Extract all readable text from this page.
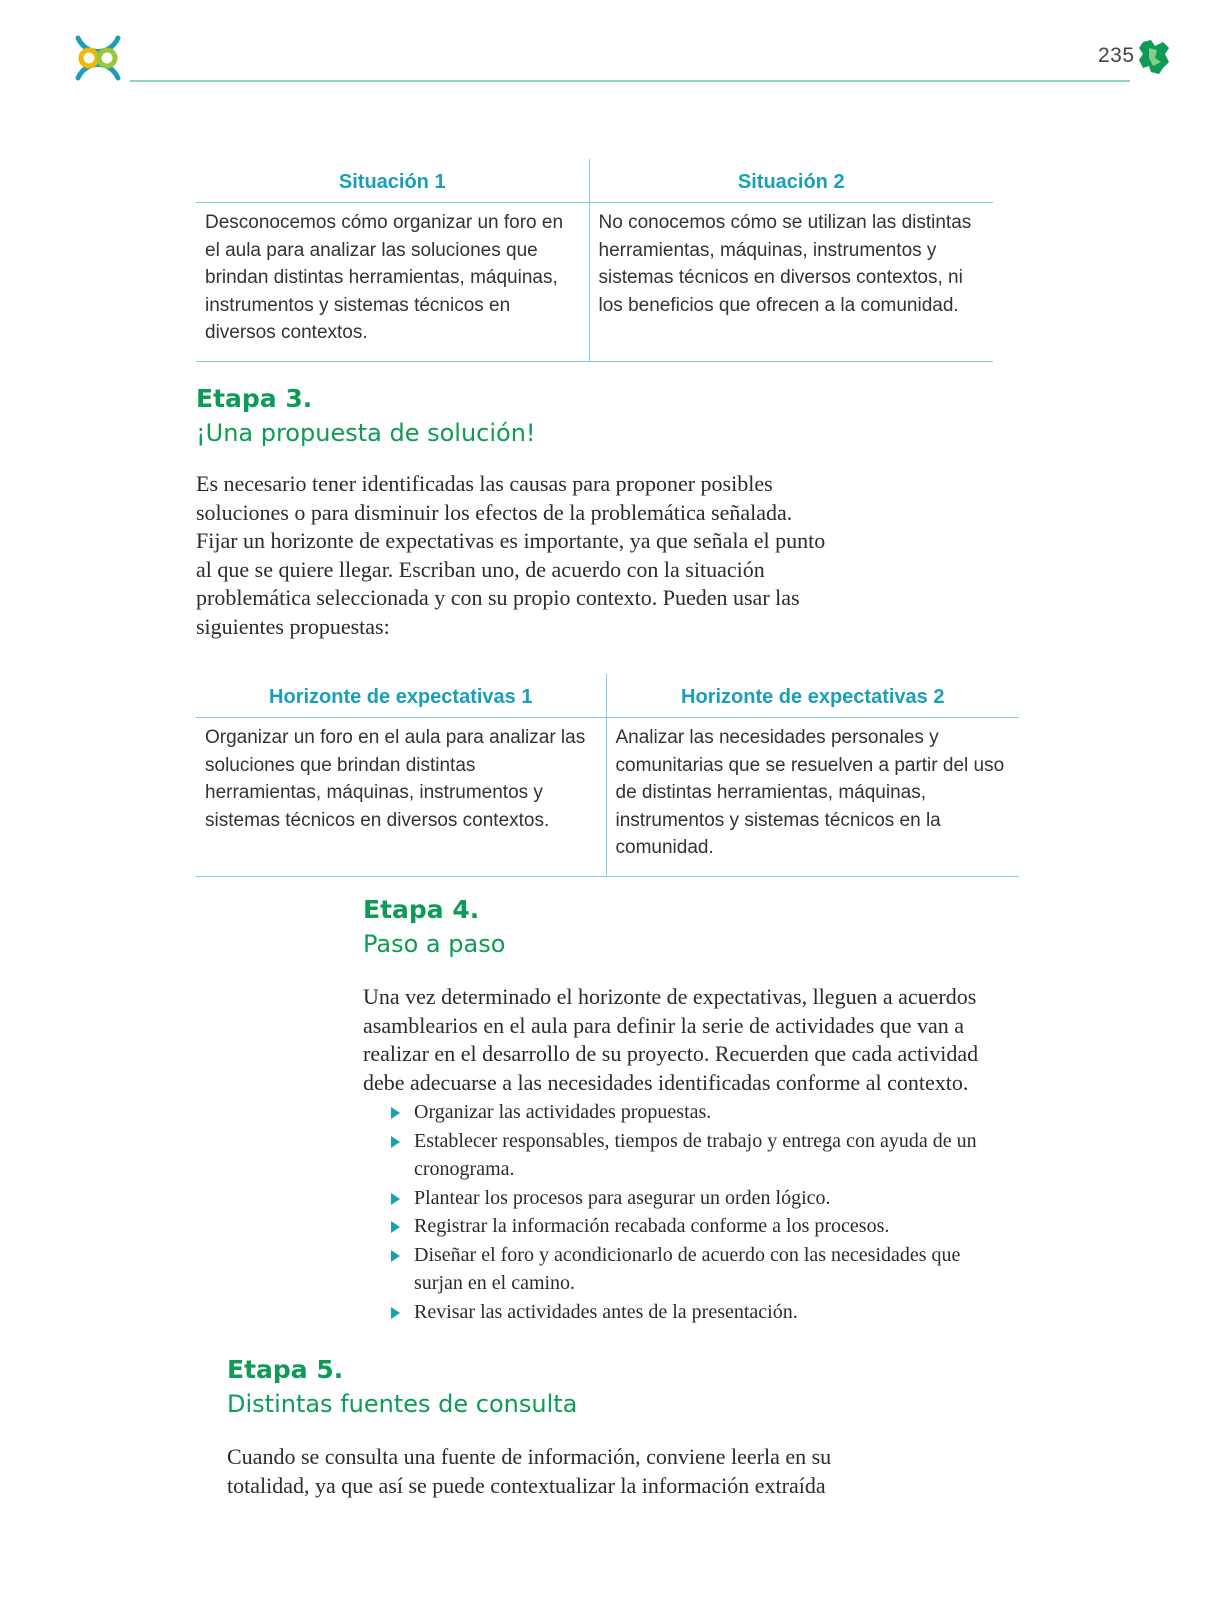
235
Situación 1	Situación 2
Desconocemos cómo organizar un foro en el aula para analizar las soluciones que brindan distintas herramientas, máquinas, instrumentos y sistemas técnicos en diversos contextos.	No conocemos cómo se utilizan las distintas herramientas, máquinas, instrumentos y sistemas técnicos en diversos contextos, ni los beneficios que ofrecen a la comunidad.
Etapa 3.
¡Una propuesta de solución!

Es necesario tener identificadas las causas para proponer posibles soluciones o para disminuir los efectos de la problemática señalada. Fijar un horizonte de expectativas es importante, ya que señala el punto al que se quiere llegar. Escriban uno, de acuerdo con la situación problemática seleccionada y con su propio contexto. Pueden usar las siguientes propuestas:

Horizonte de expectativas 1	Horizonte de expectativas 2
Organizar un foro en el aula para analizar las soluciones que brindan distintas herramientas, máquinas, instrumentos y sistemas técnicos en diversos contextos.	Analizar las necesidades personales y comunitarias que se resuelven a partir del uso de distintas herramientas, máquinas, instrumentos y sistemas técnicos en la comunidad.
Etapa 4.
Paso a paso

Una vez determinado el horizonte de expectativas, lleguen a acuerdos asamblearios en el aula para definir la serie de actividades que van a realizar en el desarrollo de su proyecto. Recuerden que cada actividad debe adecuarse a las necesidades identificadas conforme al contexto.

Organizar las actividades propuestas.
Establecer responsables, tiempos de trabajo y entrega con ayuda de un cronograma.
Plantear los procesos para asegurar un orden lógico.
Registrar la información recabada conforme a los procesos.
Diseñar el foro y acondicionarlo de acuerdo con las necesidades que surjan en el camino.
Revisar las actividades antes de la presentación.
Etapa 5.
Distintas fuentes de consulta

Cuando se consulta una fuente de información, conviene leerla en su totalidad, ya que así se puede contextualizar la información extraída
